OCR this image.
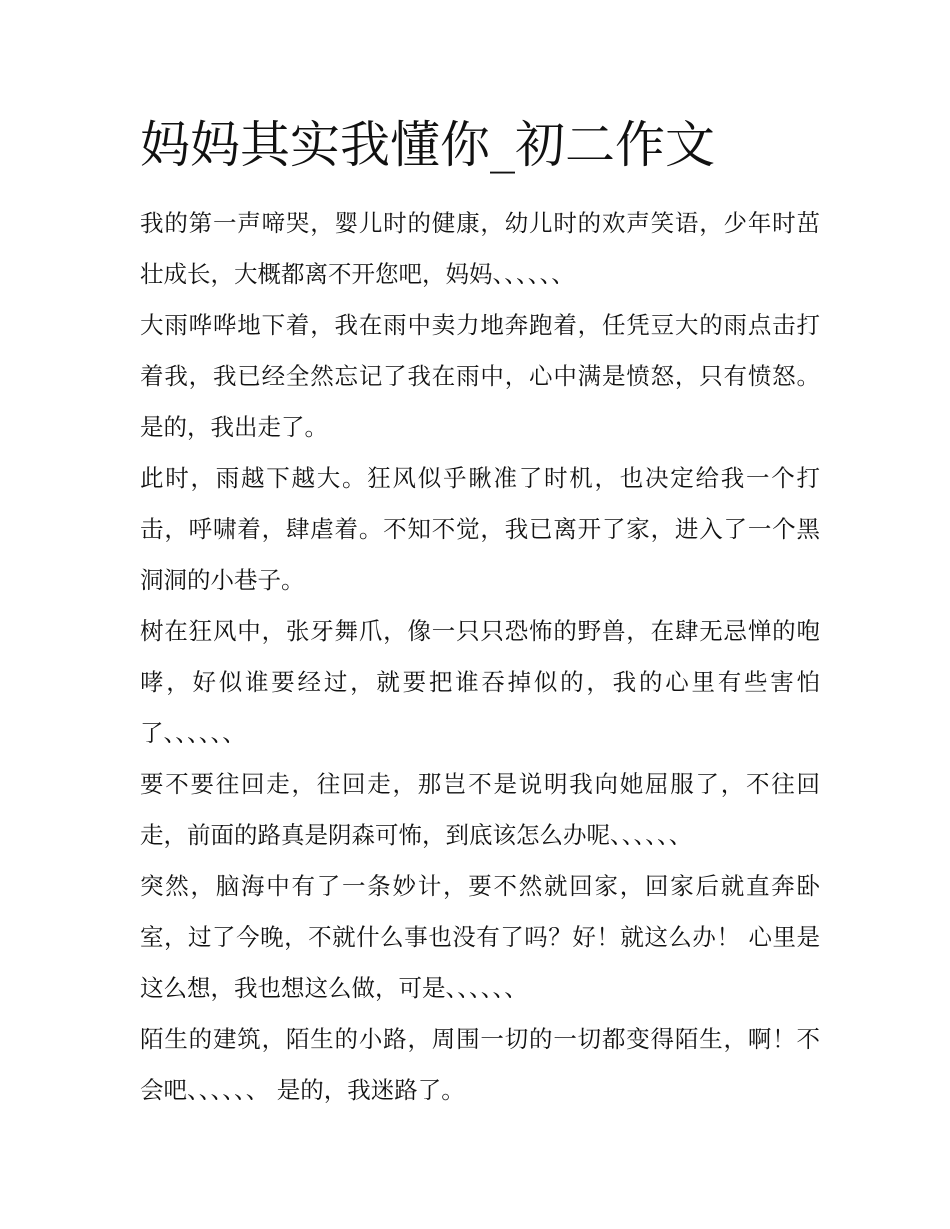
妈妈其实我懂你_初二作文

我的第一声啼哭，婴儿时的健康，幼儿时的欢声笑语，少年时茁壮成长，大概都离不开您吧，妈妈、、、、、、

大雨哗哗地下着，我在雨中卖力地奔跑着，任凭豆大的雨点击打着我，我已经全然忘记了我在雨中，心中满是愤怒，只有愤怒。 是的，我出走了。

此时，雨越下越大。狂风似乎瞅准了时机，也决定给我一个打击，呼啸着，肆虐着。不知不觉，我已离开了家，进入了一个黑洞洞的小巷子。

树在狂风中，张牙舞爪，像一只只恐怖的野兽，在肆无忌惮的咆哮，好似谁要经过，就要把谁吞掉似的，我的心里有些害怕了、、、、、、

要不要往回走，往回走，那岂不是说明我向她屈服了，不往回走，前面的路真是阴森可怖，到底该怎么办呢、、、、、、

突然，脑海中有了一条妙计，要不然就回家，回家后就直奔卧室，过了今晚，不就什么事也没有了吗？好！就这么办！ 心里是这么想，我也想这么做，可是、、、、、、

陌生的建筑，陌生的小路，周围一切的一切都变得陌生，啊！不会吧、、、、、、 是的，我迷路了。
